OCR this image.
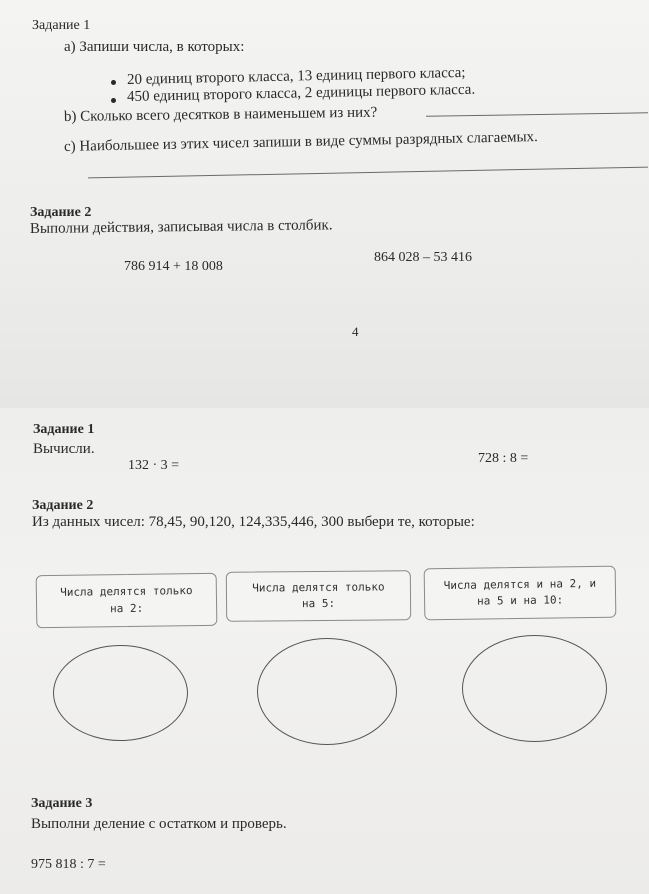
Задание 1
а) Запиши числа, в которых:
20 единиц второго класса, 13 единиц первого класса;
450 единиц второго класса, 2 единицы первого класса.
b) Сколько всего десятков в наименьшем из них?
с) Наибольшее из этих чисел запиши в виде суммы разрядных слагаемых.
Задание 2
Выполни действия, записывая числа в столбик.
786 914 + 18 008
864 028 – 53 416
4
Задание 1
Вычисли.
132 · 3 =	728 : 8 =
Задание 2
Из данных чисел: 78,45, 90,120, 124,335,446, 300 выбери те, которые:
Числа делятся только
на 2:
Числа делятся только
на 5:
Числа делятся и на 2, и
на 5 и на 10:
Задание 3
Выполни деление с остатком и проверь.
975 818 : 7 =
